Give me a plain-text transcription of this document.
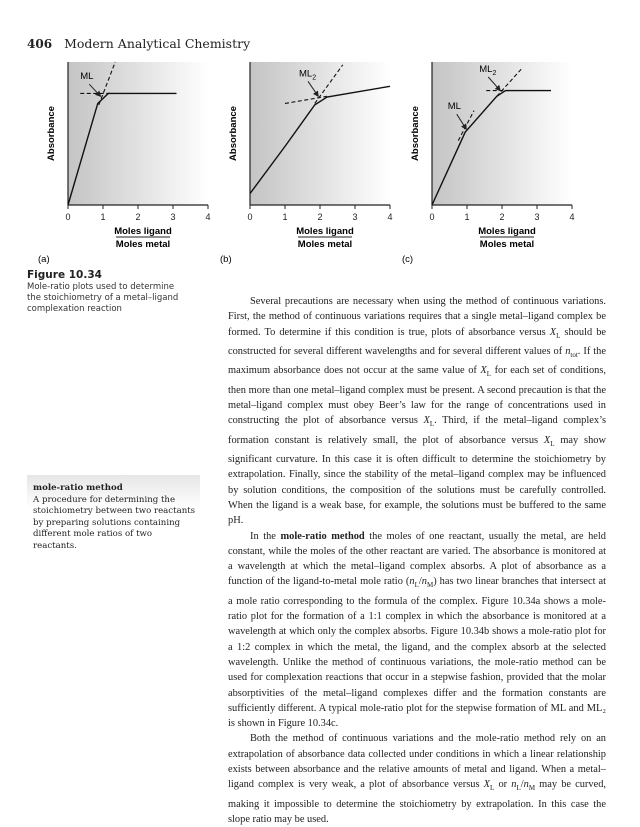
406 Modern Analytical Chemistry
0	1	2	3	4
Absorbance
Moles ligand
Moles metal
(a)
ML
0	1	2	3	4
Absorbance
Moles ligand
Moles metal
(b)
$ML_2$
0	1	2	3	4
Absorbance
Moles ligand
Moles metal
(c)
$ML_2$
ML
Figure 10.34
Mole-ratio plots used to determine the stoichiometry of a metal–ligand complexation reaction
mole-ratio method
A procedure for determining the stoichiometry between two reactants by preparing solutions containing different mole ratios of two reactants.

Several precautions are necessary when using the method of continuous variations. First, the method of continuous variations requires that a single metal–ligand complex be formed. To determine if this condition is true, plots of absorbance versus $X_L$ should be constructed for several different wavelengths and for several different values of $n_{tot}$. If the maximum absorbance does not occur at the same value of $X_L$ for each set of conditions, then more than one metal–ligand complex must be present. A second precaution is that the metal–ligand complex must obey Beer’s law for the range of concentrations used in constructing the plot of absorbance versus $X_L$. Third, if the metal–ligand complex’s formation constant is relatively small, the plot of absorbance versus $X_L$ may show significant curvature. In this case it is often difficult to determine the stoichiometry by extrapolation. Finally, since the stability of the metal–ligand complex may be influenced by solution conditions, the composition of the solutions must be carefully controlled. When the ligand is a weak base, for example, the solutions must be buffered to the same pH.

In the mole-ratio method the moles of one reactant, usually the metal, are held constant, while the moles of the other reactant are varied. The absorbance is monitored at a wavelength at which the metal–ligand complex absorbs. A plot of absorbance as a function of the ligand-to-metal mole ratio $(n_L/n_M)$ has two linear branches that intersect at a mole ratio corresponding to the formula of the complex. Figure 10.34a shows a mole-ratio plot for the formation of a 1:1 complex in which the absorbance is monitored at a wavelength at which only the complex absorbs. Figure 10.34b shows a mole-ratio plot for a 1:2 complex in which the metal, the ligand, and the complex absorb at the selected wavelength. Unlike the method of continuous variations, the mole-ratio method can be used for complexation reactions that occur in a stepwise fashion, provided that the molar absorptivities of the metal–ligand complexes differ and the formation constants are sufficiently different. A typical mole-ratio plot for the stepwise formation of ML and ML₂ is shown in Figure 10.34c.

Both the method of continuous variations and the mole-ratio method rely on an extrapolation of absorbance data collected under conditions in which a linear relationship exists between absorbance and the relative amounts of metal and ligand. When a metal–ligand complex is very weak, a plot of absorbance versus $X_L$ or $n_L/n_M$ may be curved, making it impossible to determine the stoichiometry by extrapolation. In this case the slope ratio may be used.
